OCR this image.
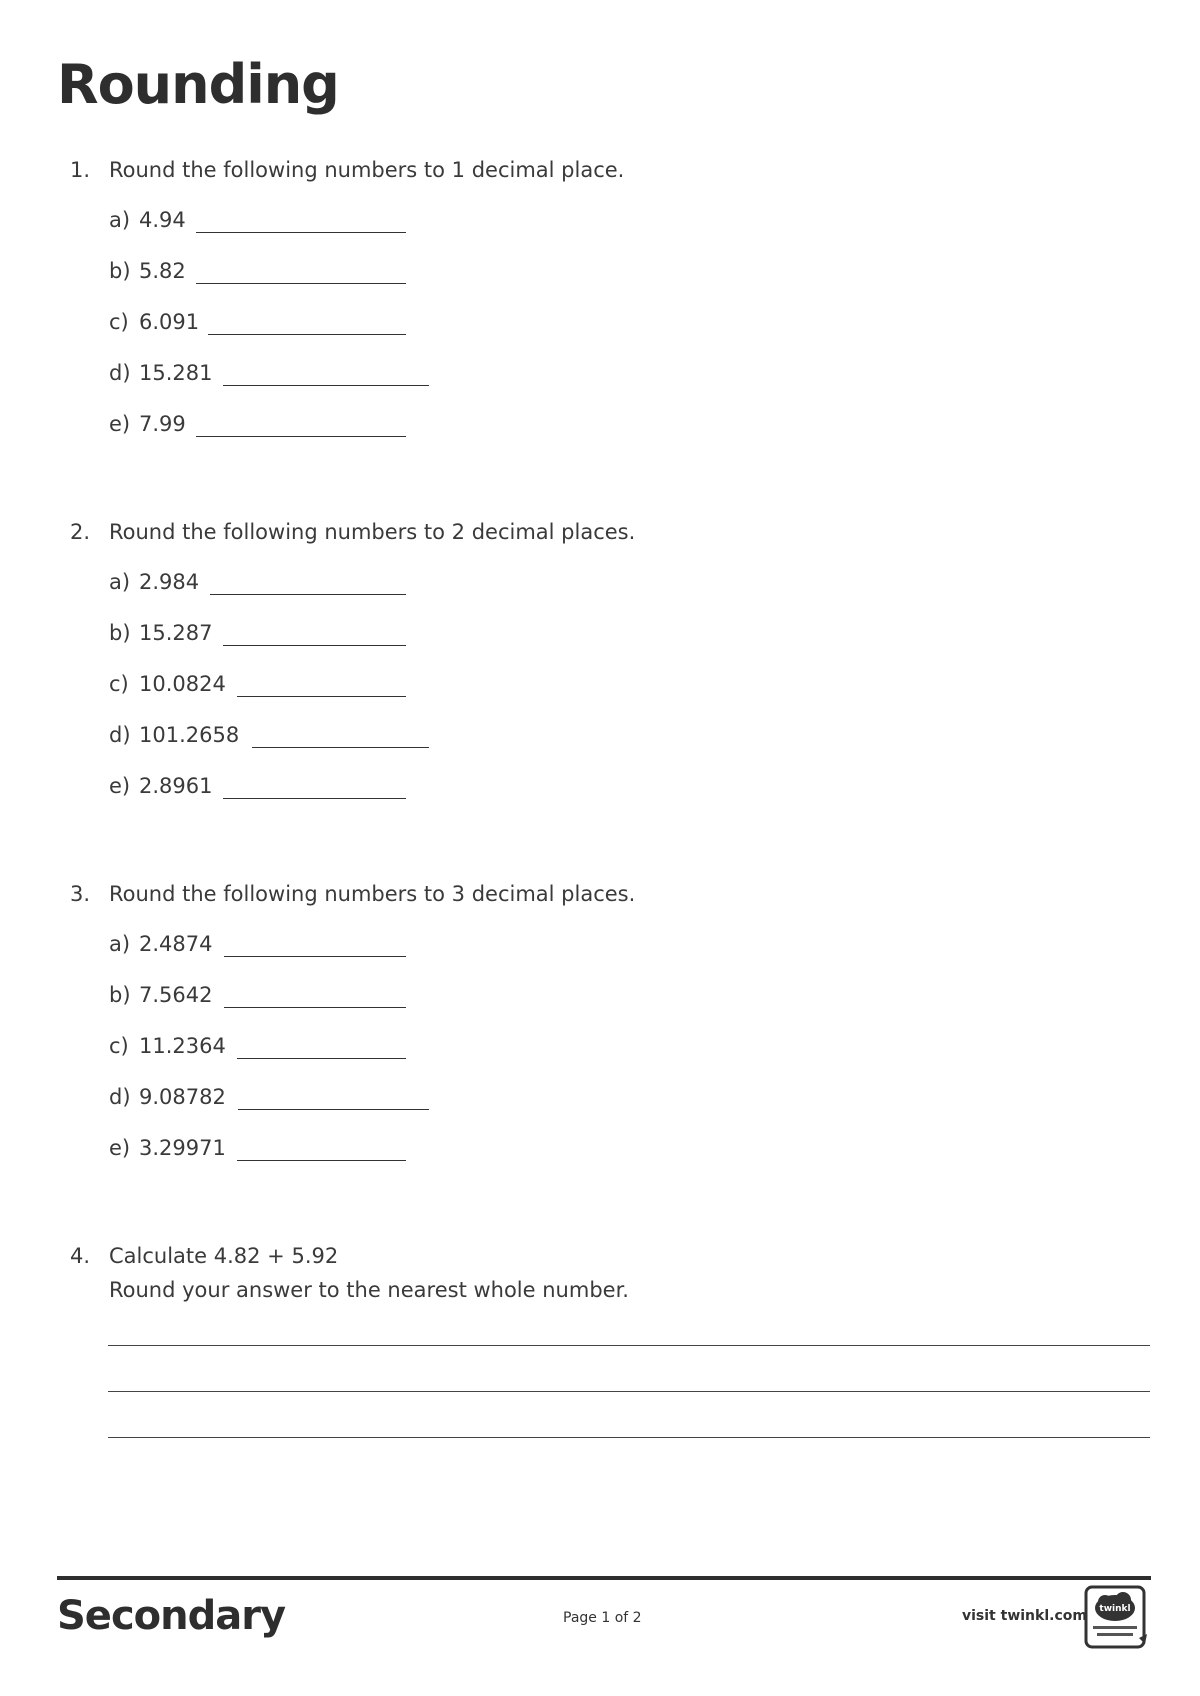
Rounding
1. Round the following numbers to 1 decimal place.
a) 4.94
b) 5.82
c) 6.091
d) 15.281
e) 7.99
2. Round the following numbers to 2 decimal places.
a) 2.984
b) 15.287
c) 10.0824
d) 101.2658
e) 2.8961
3. Round the following numbers to 3 decimal places.
a) 2.4874
b) 7.5642
c) 11.2364
d) 9.08782
e) 3.29971
4. Calculate 4.82 + 5.92
Round your answer to the nearest whole number.
Secondary	Page 1 of 2	visit twinkl.com twinkl
